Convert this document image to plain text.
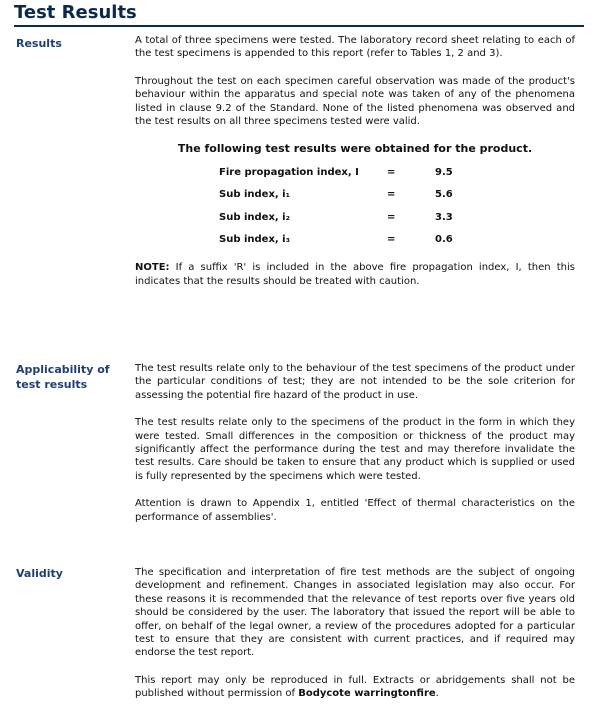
Test Results
Results	A total of three specimens were tested. The laboratory record sheet relating to each of the test specimens is appended to this report (refer to Tables 1, 2 and 3).

Throughout the test on each specimen careful observation was made of the product's behaviour within the apparatus and special note was taken of any of the phenomena listed in clause 9.2 of the Standard. None of the listed phenomena was observed and the test results on all three specimens tested were valid.

The following test results were obtained for the product.
Fire propagation index, I	=	9.5
Sub index, i₁	=	5.6
Sub index, i₂	=	3.3
Sub index, i₃	=	0.6

NOTE: If a suffix 'R' is included in the above fire propagation index, I, then this indicates that the results should be treated with caution.

Applicability of test results

The test results relate only to the behaviour of the test specimens of the product under the particular conditions of test; they are not intended to be the sole criterion for assessing the potential fire hazard of the product in use.

The test results relate only to the specimens of the product in the form in which they were tested. Small differences in the composition or thickness of the product may significantly affect the performance during the test and may therefore invalidate the test results. Care should be taken to ensure that any product which is supplied or used is fully represented by the specimens which were tested.

Attention is drawn to Appendix 1, entitled 'Effect of thermal characteristics on the performance of assemblies'.

Validity	The specification and interpretation of fire test methods are the subject of ongoing development and refinement. Changes in associated legislation may also occur. For these reasons it is recommended that the relevance of test reports over five years old should be considered by the user. The laboratory that issued the report will be able to offer, on behalf of the legal owner, a review of the procedures adopted for a particular test to ensure that they are consistent with current practices, and if required may endorse the test report.

This report may only be reproduced in full. Extracts or abridgements shall not be published without permission of Bodycote warringtonfire.
